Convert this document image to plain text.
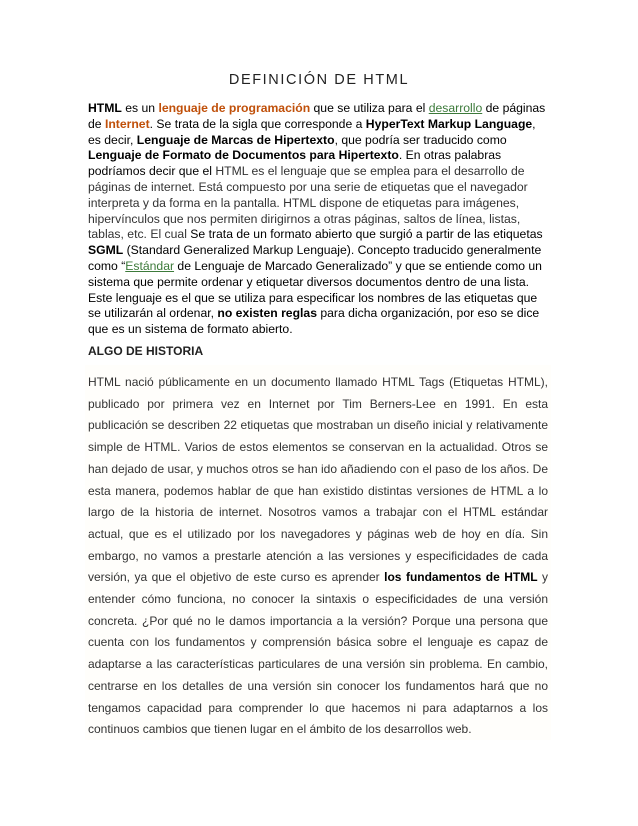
DEFINICIÓN DE HTML

HTML es un lenguaje de programación que se utiliza para el desarrollo de páginas de Internet. Se trata de la sigla que corresponde a HyperText Markup Language, es decir, Lenguaje de Marcas de Hipertexto, que podría ser traducido como Lenguaje de Formato de Documentos para Hipertexto. En otras palabras podríamos decir que el HTML es el lenguaje que se emplea para el desarrollo de páginas de internet. Está compuesto por una serie de etiquetas que el navegador interpreta y da forma en la pantalla. HTML dispone de etiquetas para imágenes, hipervínculos que nos permiten dirigirnos a otras páginas, saltos de línea, listas, tablas, etc. El cual Se trata de un formato abierto que surgió a partir de las etiquetas SGML (Standard Generalized Markup Lenguaje). Concepto traducido generalmente como “Estándar de Lenguaje de Marcado Generalizado” y que se entiende como un sistema que permite ordenar y etiquetar diversos documentos dentro de una lista. Este lenguaje es el que se utiliza para especificar los nombres de las etiquetas que se utilizarán al ordenar, no existen reglas para dicha organización, por eso se dice que es un sistema de formato abierto.

ALGO DE HISTORIA

HTML nació públicamente en un documento llamado HTML Tags (Etiquetas HTML), publicado por primera vez en Internet por Tim Berners-Lee en 1991. En esta publicación se describen 22 etiquetas que mostraban un diseño inicial y relativamente simple de HTML. Varios de estos elementos se conservan en la actualidad. Otros se han dejado de usar, y muchos otros se han ido añadiendo con el paso de los años. De esta manera, podemos hablar de que han existido distintas versiones de HTML a lo largo de la historia de internet. Nosotros vamos a trabajar con el HTML estándar actual, que es el utilizado por los navegadores y páginas web de hoy en día. Sin embargo, no vamos a prestarle atención a las versiones y especificidades de cada versión, ya que el objetivo de este curso es aprender los fundamentos de HTML y entender cómo funciona, no conocer la sintaxis o especificidades de una versión concreta. ¿Por qué no le damos importancia a la versión? Porque una persona que cuenta con los fundamentos y comprensión básica sobre el lenguaje es capaz de adaptarse a las características particulares de una versión sin problema. En cambio, centrarse en los detalles de una versión sin conocer los fundamentos hará que no tengamos capacidad para comprender lo que hacemos ni para adaptarnos a los continuos cambios que tienen lugar en el ámbito de los desarrollos web.
